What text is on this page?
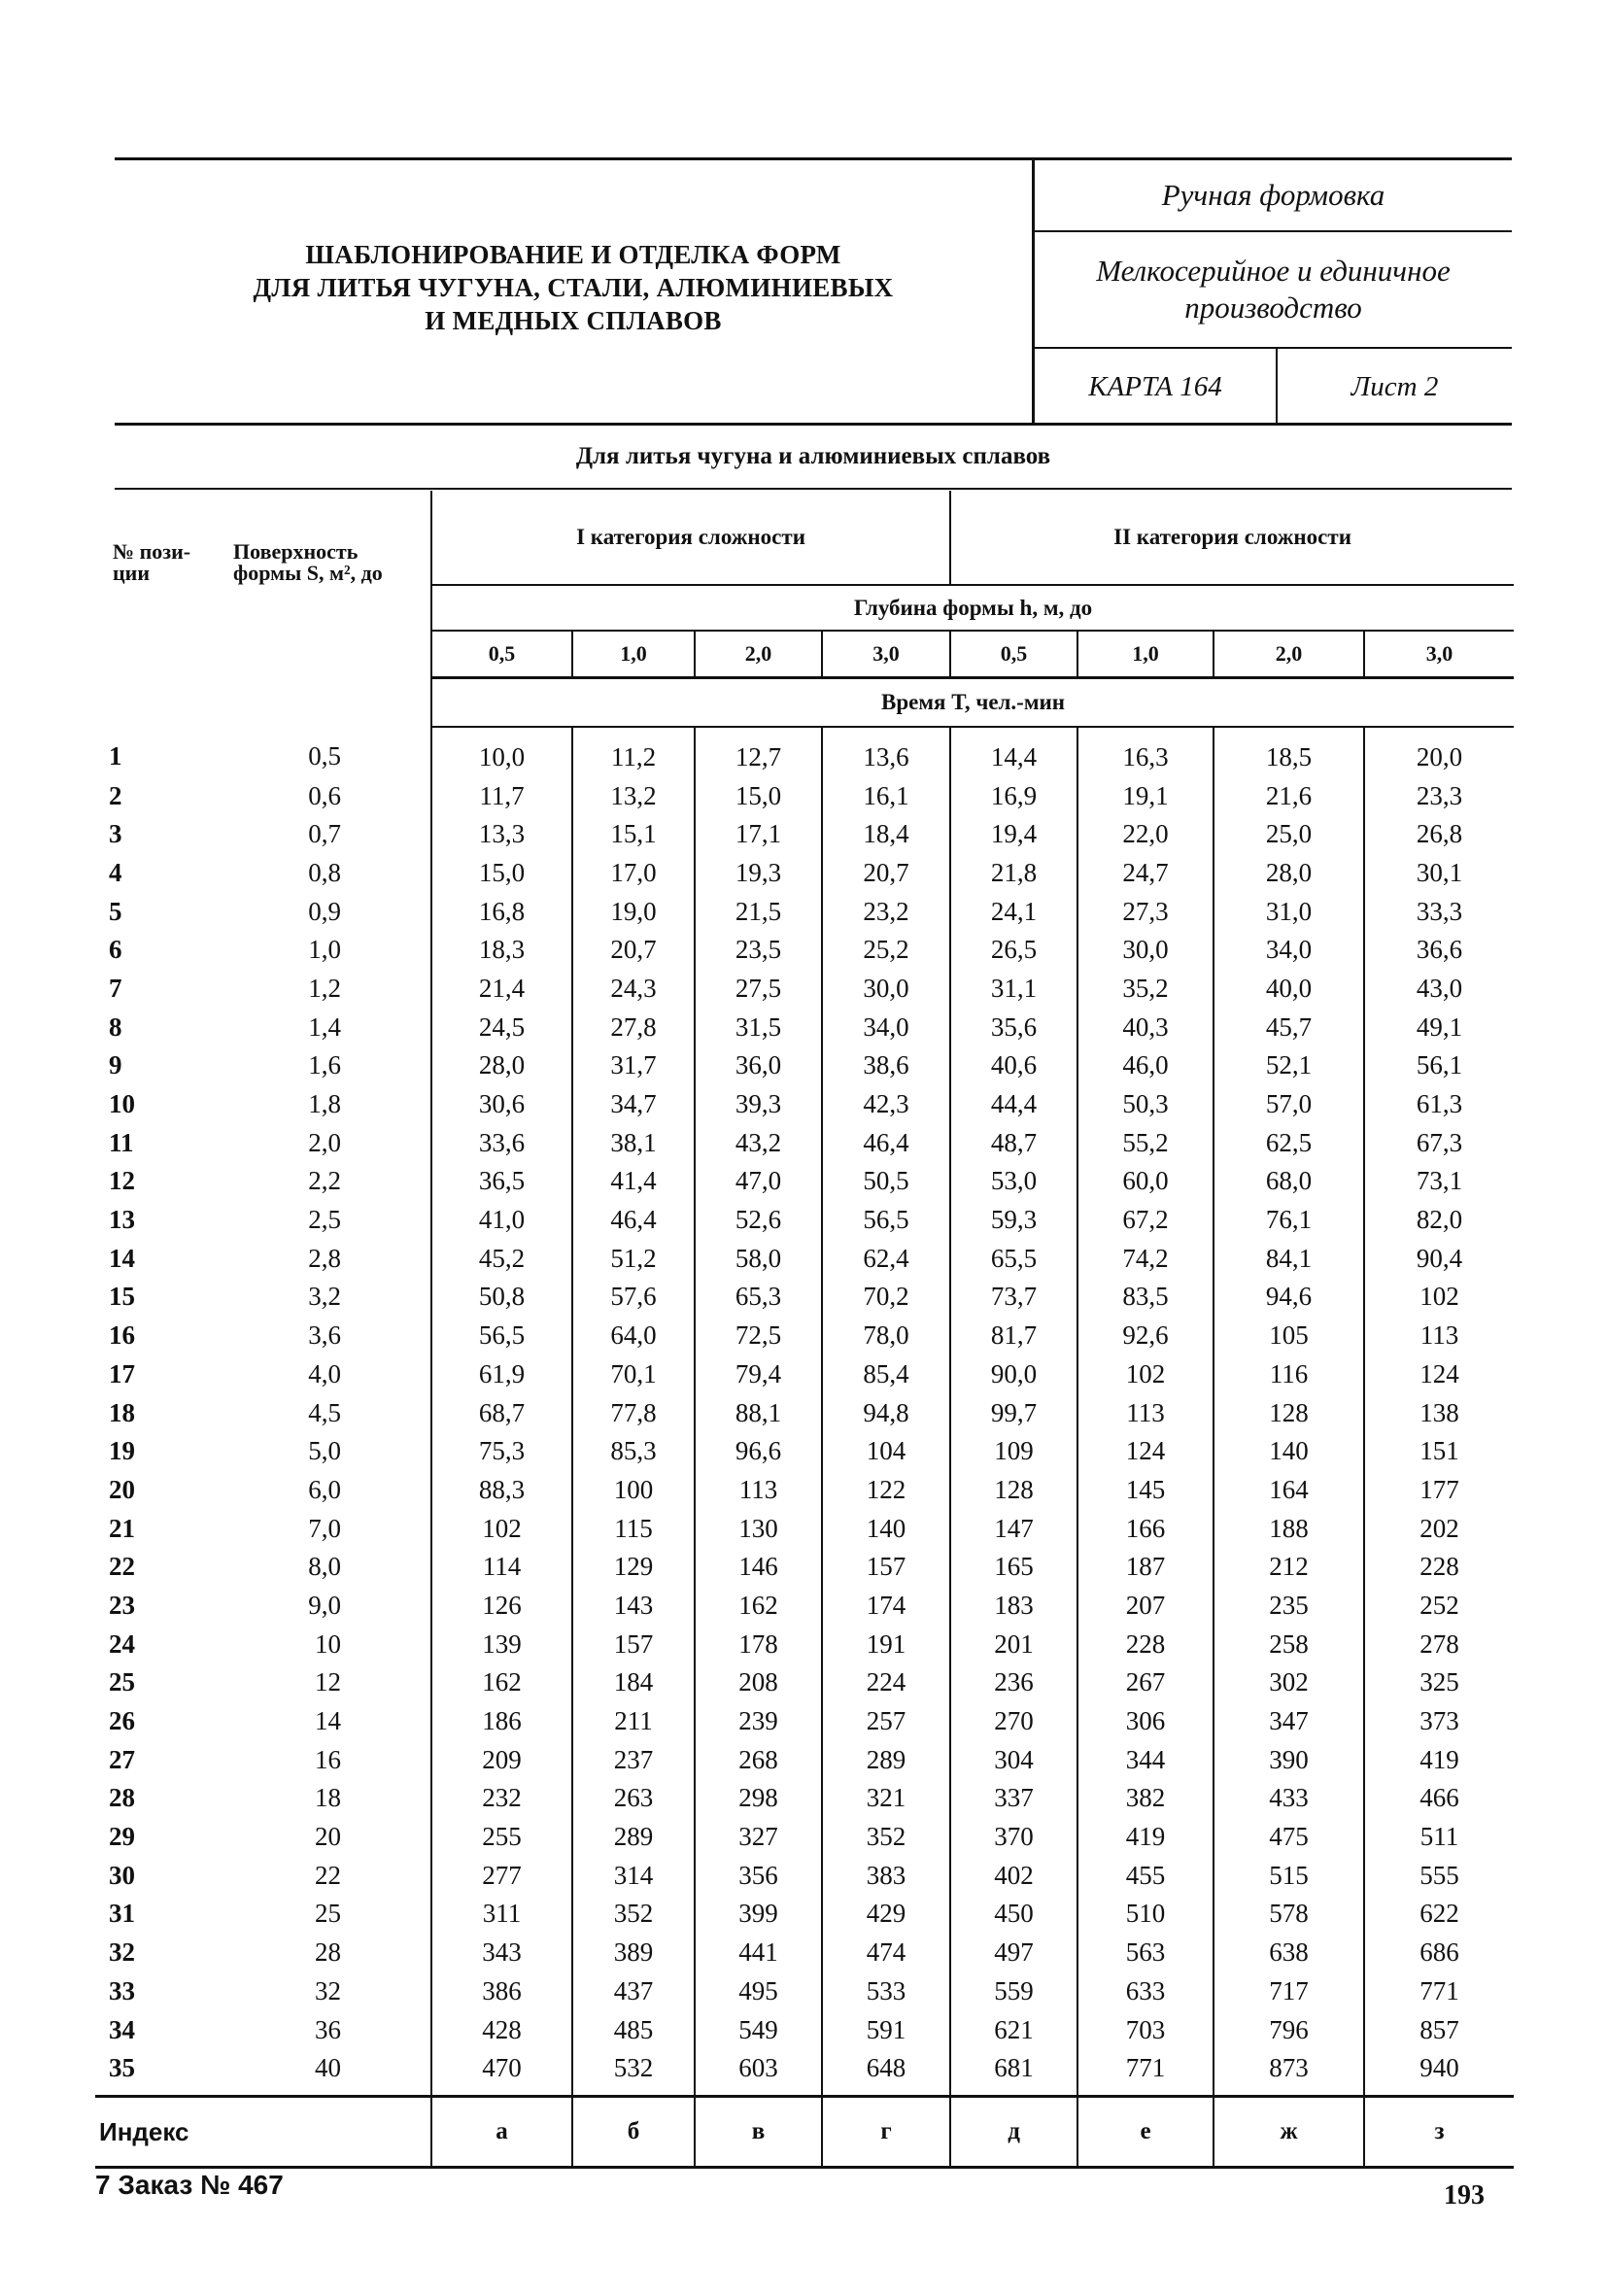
ШАБЛОНИРОВАНИЕ И ОТДЕЛКА ФОРМ
ДЛЯ ЛИТЬЯ ЧУГУНА, СТАЛИ, АЛЮМИНИЕВЫХ
И МЕДНЫХ СПЛАВОВ
Ручная формовка
Мелкосерийное и единичное
производство
КАРТА 164	Лист 2
Для литья чугуна и алюминиевых сплавов
№ пози-
ции	Поверхность
формы S, м², до	I категория сложности				II категория сложности			
		Глубина формы h, м, до							
		0,5	1,0	2,0	3,0	0,5	1,0	2,0	3,0
		Время T, чел.-мин							
1	0,5	10,0	11,2	12,7	13,6	14,4	16,3	18,5	20,0
2	0,6	11,7	13,2	15,0	16,1	16,9	19,1	21,6	23,3
3	0,7	13,3	15,1	17,1	18,4	19,4	22,0	25,0	26,8
4	0,8	15,0	17,0	19,3	20,7	21,8	24,7	28,0	30,1
5	0,9	16,8	19,0	21,5	23,2	24,1	27,3	31,0	33,3
6	1,0	18,3	20,7	23,5	25,2	26,5	30,0	34,0	36,6
7	1,2	21,4	24,3	27,5	30,0	31,1	35,2	40,0	43,0
8	1,4	24,5	27,8	31,5	34,0	35,6	40,3	45,7	49,1
9	1,6	28,0	31,7	36,0	38,6	40,6	46,0	52,1	56,1
10	1,8	30,6	34,7	39,3	42,3	44,4	50,3	57,0	61,3
11	2,0	33,6	38,1	43,2	46,4	48,7	55,2	62,5	67,3
12	2,2	36,5	41,4	47,0	50,5	53,0	60,0	68,0	73,1
13	2,5	41,0	46,4	52,6	56,5	59,3	67,2	76,1	82,0
14	2,8	45,2	51,2	58,0	62,4	65,5	74,2	84,1	90,4
15	3,2	50,8	57,6	65,3	70,2	73,7	83,5	94,6	102
16	3,6	56,5	64,0	72,5	78,0	81,7	92,6	105	113
17	4,0	61,9	70,1	79,4	85,4	90,0	102	116	124
18	4,5	68,7	77,8	88,1	94,8	99,7	113	128	138
19	5,0	75,3	85,3	96,6	104	109	124	140	151
20	6,0	88,3	100	113	122	128	145	164	177
21	7,0	102	115	130	140	147	166	188	202
22	8,0	114	129	146	157	165	187	212	228
23	9,0	126	143	162	174	183	207	235	252
24	10	139	157	178	191	201	228	258	278
25	12	162	184	208	224	236	267	302	325
26	14	186	211	239	257	270	306	347	373
27	16	209	237	268	289	304	344	390	419
28	18	232	263	298	321	337	382	433	466
29	20	255	289	327	352	370	419	475	511
30	22	277	314	356	383	402	455	515	555
31	25	311	352	399	429	450	510	578	622
32	28	343	389	441	474	497	563	638	686
33	32	386	437	495	533	559	633	717	771
34	36	428	485	549	591	621	703	796	857
35	40	470	532	603	648	681	771	873	940
Индекс		а	б	в	г	д	е	ж	з
7 Заказ № 467	193
